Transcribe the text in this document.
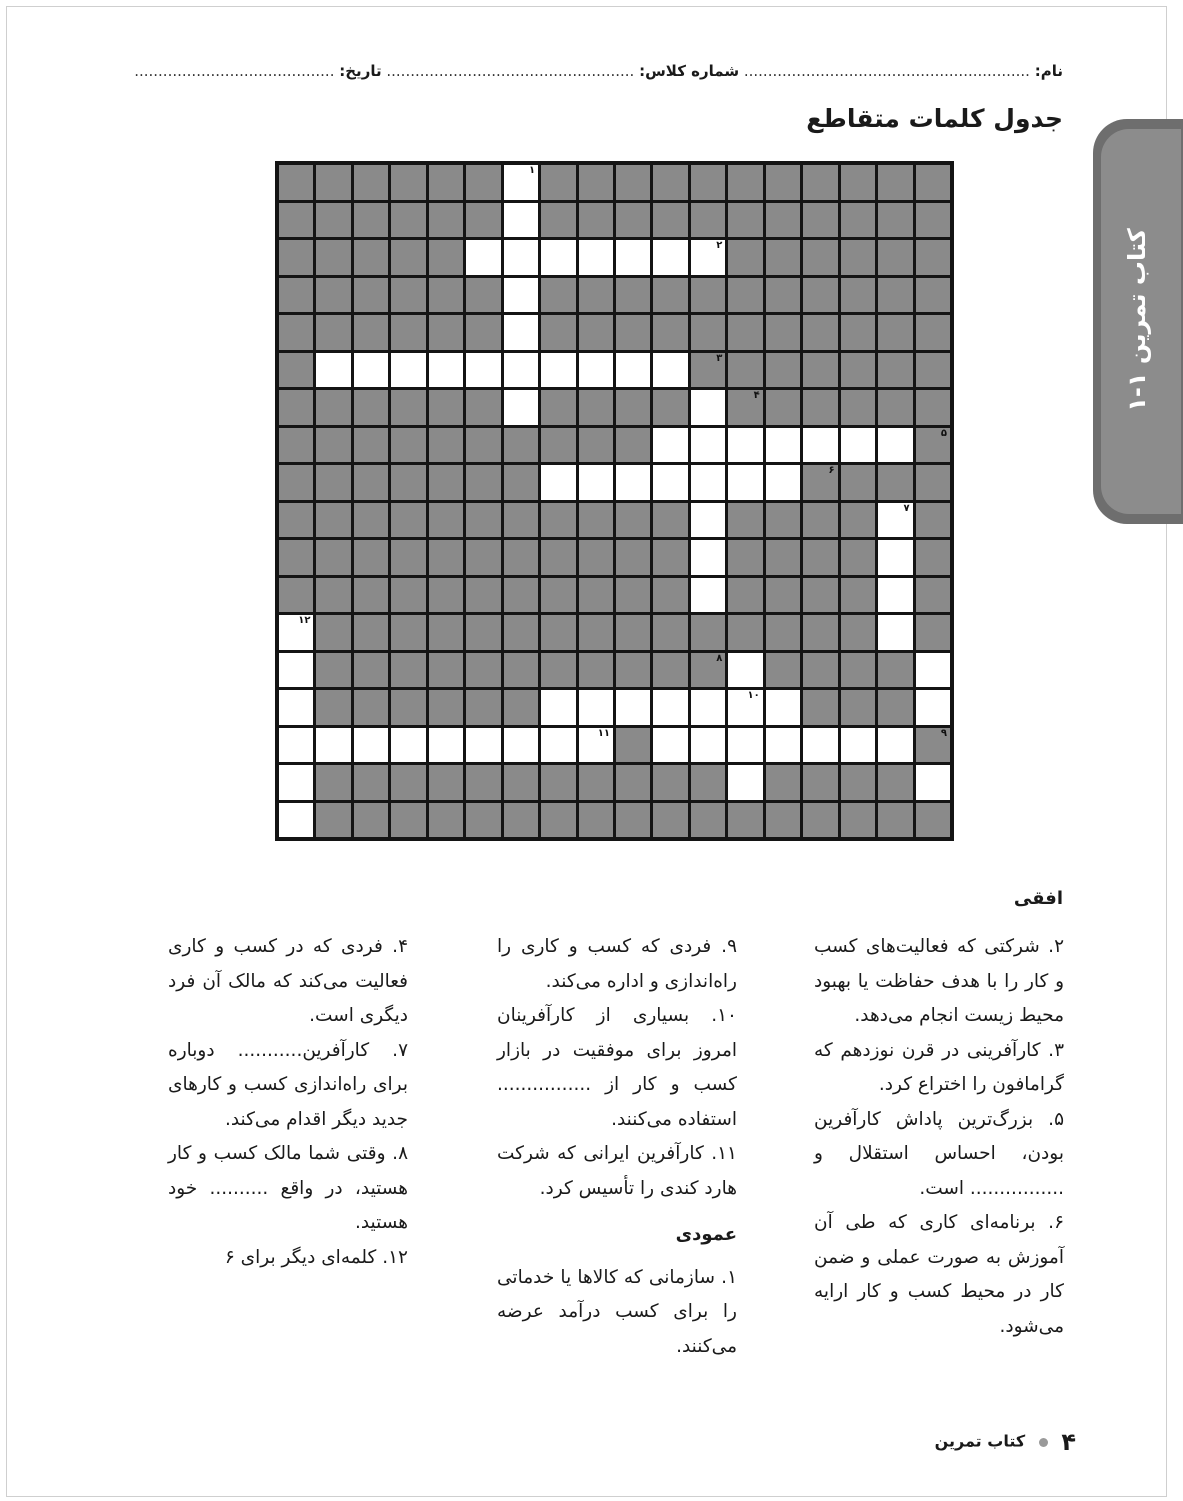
نام: ............................................................ شماره کلاس: .................................................... تاریخ: ..........................................
جدول کلمات متقاطع
کتاب تمرین ۱-۱
۱
۲
۳
۴
۵
۶
۷
۱۲
۸
۱۰
۱۱	۹
افقی

۲. شرکتی که فعالیت‌های کسب و کار را با هدف حفاظت یا بهبود محیط زیست انجام می‌دهد.

۳. کارآفرینی در قرن نوزدهم که گرامافون را اختراع کرد.

۵. بزرگ‌ترین پاداش کارآفرین بودن، احساس استقلال و ................ است.

۶. برنامه‌ای کاری که طی آن آموزش به صورت عملی و ضمن کار در محیط کسب و کار ارایه می‌شود.

۹. فردی که کسب و کاری را راه‌اندازی و اداره می‌کند.

۱۰. بسیاری از کارآفرینان امروز برای موفقیت در بازار کسب و کار از ................ استفاده می‌کنند.

۱۱. کارآفرین ایرانی که شرکت هارد کندی را تأسیس کرد.

عمودی

۱. سازمانی که کالاها یا خدماتی را برای کسب درآمد عرضه می‌کنند.

۴. فردی که در کسب و کاری فعالیت می‌کند که مالک آن فرد دیگری است.

۷. کارآفرین........... دوباره برای راه‌اندازی کسب و کارهای جدید دیگر اقدام می‌کند.

۸. وقتی شما مالک کسب و کار هستید، در واقع .......... خود هستید.

۱۲. کلمه‌ای دیگر برای ۶

۴  کتاب تمرین
